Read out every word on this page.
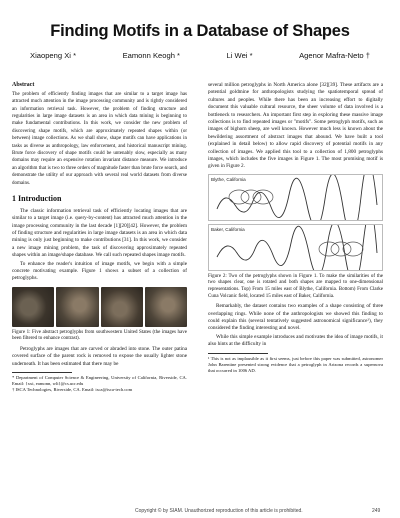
Finding Motifs in a Database of Shapes
Xiaopeng Xi *	Eamonn Keogh *	Li Wei *	Agenor Mafra-Neto †
Abstract
The problem of efficiently finding images that are similar to a target image has attracted much attention in the image processing community and is rightly considered an information retrieval task. However, the problem of finding structure and regularities in large image datasets is an area in which data mining is beginning to make fundamental contributions. In this work, we consider the new problem of discovering shape motifs, which are approximately repeated shapes within (or between) image collections. As we shall show, shape motifs can have applications in tasks as diverse as anthropology, law enforcement, and historical manuscript mining. Brute force discovery of shape motifs could be untenably slow, especially as many domains may require an expensive rotation invariant distance measure. We introduce an algorithm that is two to three orders of magnitude faster than brute force search, and demonstrate the utility of our approach with several real world datasets from diverse domains.
1 Introduction
The classic information retrieval task of efficiently locating images that are similar to a target image (i.e. query-by-content) has attracted much attention in the image processing community in the last decade [1][20][42]. However, the problem of finding structure and regularities in large image datasets is an area in which data mining is only just beginning to make contributions [31]. In this work, we consider a new image mining problem, the task of discovering approximately repeated shapes within an image/shape database. We call such repeated shapes image motifs.
To enhance the reader's intuition of image motifs, we begin with a simple concrete motivating example. Figure 1 shows a subset of a collection of petroglyphs.
Figure 1: Five abstract petroglyphs from southwestern United States (the images have been filtered to enhance contrast).
Petroglyphs are images that are carved or abraded into stone. The outer patina covered surface of the parent rock is removed to expose the usually lighter stone underneath. It has been estimated that there may be
* Department of Computer Science & Engineering, University of California, Riverside, CA. Email: {xxi, eamonn, wli}@cs.ucr.edu
† ISCA Technologies, Riverside, CA. Email: isca@isca-tech.com
several million petroglyphs in North America alone [32][39]. These artifacts are a potential goldmine for anthropologists studying the spatiotemporal spread of cultures and peoples. While there has been an increasing effort to digitally document this valuable cultural resource, the sheer volume of data involved is a bottleneck to researchers. An important first step in exploring these massive image collections is to find repeated images or "motifs". Some petroglyph motifs, such as images of bighorn sheep, are well known. However much less is known about the bewildering assortment of abstract images that abound. We have built a tool (explained in detail below) to allow rapid discovery of potential motifs in any collection of images. We applied this tool to a collection of 1,800 petroglyphs images, which includes the five images in Figure 1. The most promising motif is given in Figure 2.
Blythe, California
Baker, California
Figure 2: Two of the petroglyphs shown in Figure 1. To make the similarities of the two shapes clear, one is rotated and both shapes are mapped to one-dimensional representations. Top) From 15 miles east of Blythe, California. Bottom) From Clarke Cuna Volcanic field, located 15 miles east of Baker, California.
Remarkably, the dataset contains two examples of a shape consisting of three overlapping rings. While none of the anthropologists we showed this finding to could explain this (several tentatively suggested astronomical significance¹), they considered the finding interesting and novel.
While this simple example introduces and motivates the idea of image motifs, it also hints at the difficulty in
¹ This is not as implausible as it first seems, just before this paper was submitted, astronomer John Barentine presented strong evidence that a petroglyph in Arizona records a supernova that occurred in 1006 AD.
Copyright © by SIAM. Unauthorized reproduction of this article is prohibited.	249
